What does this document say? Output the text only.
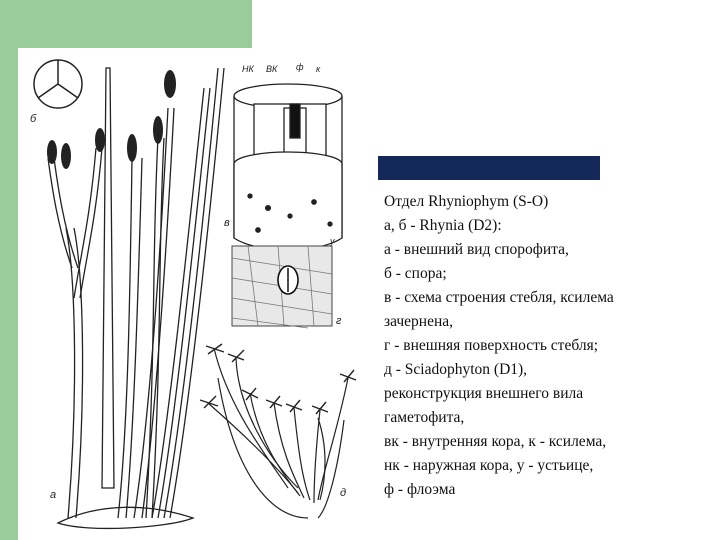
б
а
НК ВК ф к
в
у
г
д
Отдел Rhyniophym (S-O)
а, б - Rhynia (D2):
а - внешний вид спорофита,
б - спора;
в - схема строения стебля, ксилема
зачернена,
г - внешняя поверхность стебля;
д - Sciadophyton (D1),
реконструкция внешнего вила
гаметофита,
вк - внутренняя кора, к - ксилема,
нк - наружная кора, у - устьице,
ф - флоэма
